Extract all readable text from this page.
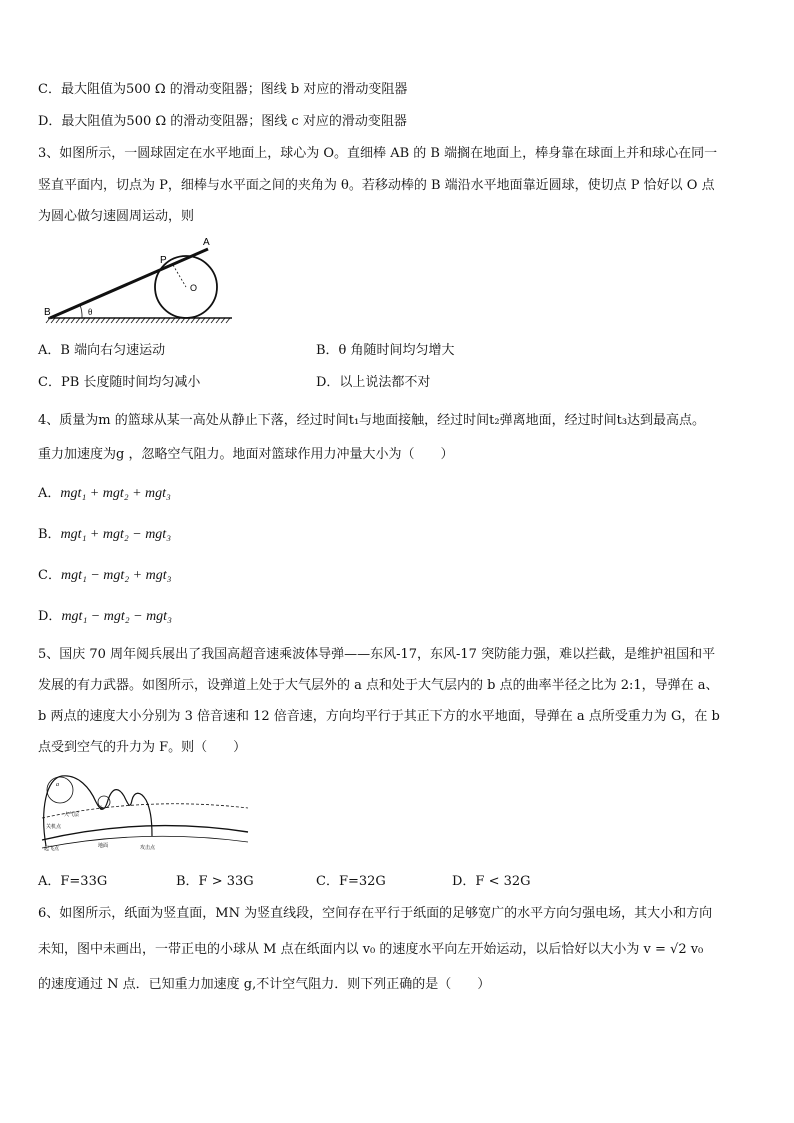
C．最大阻值为500 Ω 的滑动变阻器；图线 b 对应的滑动变阻器
D．最大阻值为500 Ω 的滑动变阻器；图线 c 对应的滑动变阻器
3、如图所示，一圆球固定在水平地面上，球心为 O。直细棒 AB 的 B 端搁在地面上，棒身靠在球面上并和球心在同一
竖直平面内，切点为 P，细棒与水平面之间的夹角为 θ。若移动棒的 B 端沿水平地面靠近圆球，使切点 P 恰好以 O 点
为圆心做匀速圆周运动，则
A
P
O
B	θ
A．B 端向右匀速运动	B．θ 角随时间均匀增大
C．PB 长度随时间均匀减小	D．以上说法都不对
4、质量为m 的篮球从某一高处从静止下落，经过时间t₁与地面接触，经过时间t₂弹离地面，经过时间t₃达到最高点。
重力加速度为g ，忽略空气阻力。地面对篮球作用力冲量大小为（　　）
A．mgt₁ + mgt₂ + mgt₃
B．mgt₁ + mgt₂ − mgt₃
C．mgt₁ − mgt₂ + mgt₃
D．mgt₁ − mgt₂ − mgt₃
5、国庆 70 周年阅兵展出了我国高超音速乘波体导弹——东风-17，东风-17 突防能力强，难以拦截，是维护祖国和平
发展的有力武器。如图所示，设弹道上处于大气层外的 a 点和处于大气层内的 b 点的曲率半径之比为 2:1，导弹在 a、
b 两点的速度大小分别为 3 倍音速和 12 倍音速，方向均平行于其正下方的水平地面，导弹在 a 点所受重力为 G，在 b
点受到空气的升力为 F。则（　　）
a
b
大气层
关机点
起飞点	地面	攻击点
A．F=33G	B．F > 33G	C．F=32G	D．F < 32G
6、如图所示，纸面为竖直面，MN 为竖直线段，空间存在平行于纸面的足够宽广的水平方向匀强电场，其大小和方向
未知，图中未画出，一带正电的小球从 M 点在纸面内以 v₀ 的速度水平向左开始运动，以后恰好以大小为 v = √2 v₀
的速度通过 N 点．已知重力加速度 g,不计空气阻力．则下列正确的是（　　）
